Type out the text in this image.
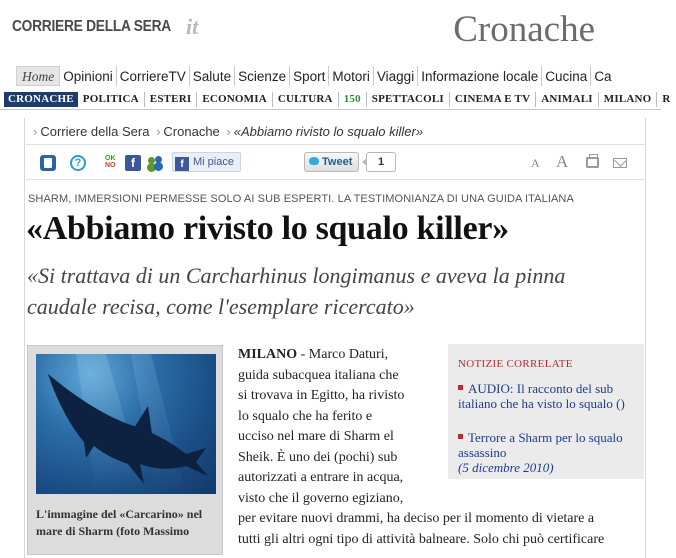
CORRIERE DELLA SERA it	Cronache
Home Opinioni CorriereTV Salute Scienze Sport Motori Viaggi Informazione locale Cucina Ca
CRONACHE POLITICA	ESTERI	ECONOMIA	CULTURA	150	SPETTACOLI	CINEMA E TV	ANIMALI	MILANO	R
› Corriere della Sera › Cronache › «Abbiamo rivisto lo squalo killer»
?	OK
NO	f	f Mi piace	Tweet	1	A A
SHARM, IMMERSIONI PERMESSE SOLO AI SUB ESPERTI. LA TESTIMONIANZA DI UNA GUIDA ITALIANA
«Abbiamo rivisto lo squalo killer»
«Si trattava di un Carcharhinus longimanus e aveva la pinna caudale recisa, come l'esemplare ricercato»
L'immagine del «Carcarino» nel mare di Sharm (foto Massimo
MILANO - Marco Daturi,
guida subacquea italiana che
si trovava in Egitto, ha rivisto
lo squalo che ha ferito e
ucciso nel mare di Sharm el
Sheik. È uno dei (pochi) sub
autorizzati a entrare in acqua,
visto che il governo egiziano,
per evitare nuovi drammi, ha deciso per il momento di vietare a
tutti gli altri ogni tipo di attività balneare. Solo chi può certificare
NOTIZIE CORRELATE
AUDIO: Il racconto del sub italiano che ha visto lo squalo ()
Terrore a Sharm per lo squalo assassino
(5 dicembre 2010)
